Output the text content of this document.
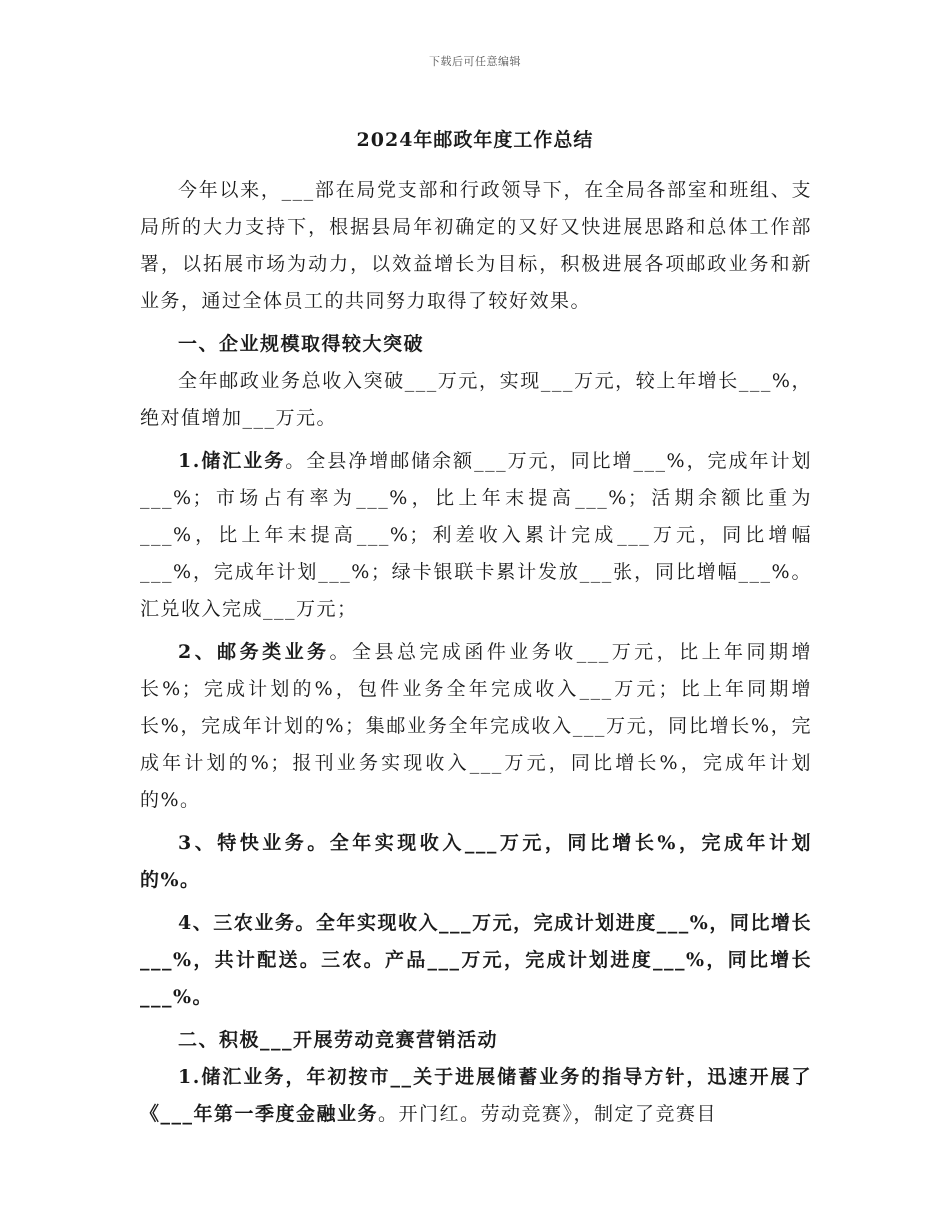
下载后可任意编辑
2024年邮政年度工作总结

今年以来，___部在局党支部和行政领导下，在全局各部室和班组、支局所的大力支持下，根据县局年初确定的又好又快进展思路和总体工作部署，以拓展市场为动力，以效益增长为目标，积极进展各项邮政业务和新业务，通过全体员工的共同努力取得了较好效果。

一、企业规模取得较大突破

全年邮政业务总收入突破___万元，实现___万元，较上年增长___%，绝对值增加___万元。

1.储汇业务。全县净增邮储余额___万元，同比增___%，完成年计划___%；市场占有率为___%，比上年末提高___%；活期余额比重为___%，比上年末提高___%；利差收入累计完成___万元，同比增幅___%，完成年计划___%；绿卡银联卡累计发放___张，同比增幅___%。汇兑收入完成___万元；

2、邮务类业务。全县总完成函件业务收___万元，比上年同期增长%；完成计划的%，包件业务全年完成收入___万元；比上年同期增长%，完成年计划的%；集邮业务全年完成收入___万元，同比增长%，完成年计划的%；报刊业务实现收入___万元，同比增长%，完成年计划的%。

3、特快业务。全年实现收入___万元，同比增长%，完成年计划的%。

4、三农业务。全年实现收入___万元，完成计划进度___%，同比增长___%，共计配送。三农。产品___万元，完成计划进度___%，同比增长___%。

二、积极___开展劳动竞赛营销活动

1.储汇业务，年初按市__关于进展储蓄业务的指导方针，迅速开展了《___年第一季度金融业务。开门红。劳动竞赛》，制定了竞赛目
